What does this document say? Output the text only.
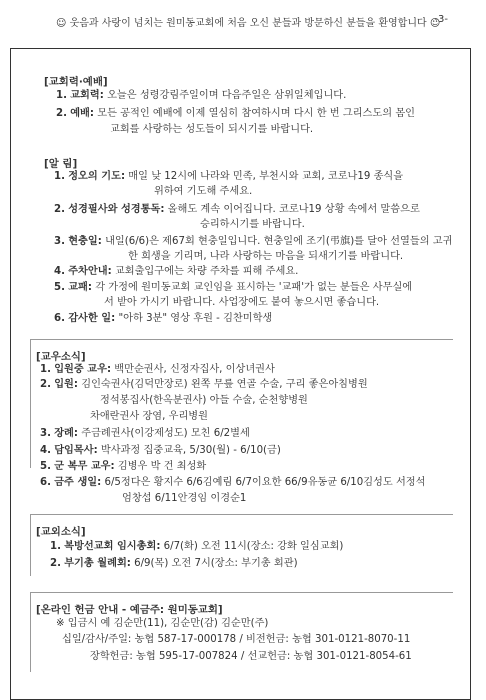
☺ 웃음과 사랑이 넘치는 원미동교회에 처음 오신 분들과 방문하신 분들을 환영합니다 ☺
-3-
[교회력·예배]
1. 교회력: 오늘은 성령강림주일이며 다음주일은 삼위일체입니다.
2. 예배: 모든 공적인 예배에 이제 열심히 참여하시며 다시 한 번 그리스도의 몸인
교회를 사랑하는 성도들이 되시기를 바랍니다.
[알 림]
1. 정오의 기도: 매일 낮 12시에 나라와 민족, 부천시와 교회, 코로나19 종식을
위하여 기도해 주세요.
2. 성경필사와 성경통독: 올해도 계속 이어집니다. 코로나19 상황 속에서 말씀으로
승리하시기를 바랍니다.
3. 현충일: 내일(6/6)은 제67회 현충일입니다. 현충일에 조기(弔旗)를 달아 선열들의 고귀
한 희생을 기리며, 나라 사랑하는 마음을 되새기기를 바랍니다.
4. 주차안내: 교회출입구에는 차량 주차를 피해 주세요.
5. 교패: 각 가정에 원미동교회 교인임을 표시하는 '교패'가 없는 분들은 사무실에
서 받아 가시기 바랍니다. 사업장에도 붙여 놓으시면 좋습니다.
6. 감사한 일: "아하 3분" 영상 후원 - 김찬미학생
[교우소식]
1. 입원중 교우: 백만순권사, 신정자집사, 이상녀권사
2. 입원: 김인숙권사(김덕만장로) 왼쪽 무릎 연골 수술, 구리 좋은아침병원
정석봉집사(한옥분권사) 아들 수술, 순천향병원
차애란권사 장염, 우리병원
3. 장례: 주금례권사(이강제성도) 모친 6/2별세
4. 담임목사: 박사과정 집중교육, 5/30(월) - 6/10(금)
5. 군 복무 교우: 김병우 박 건 최성화
6. 금주 생일: 6/5정다은 황지수 6/6김예림 6/7이요한 66/9유동균 6/10김성도 서정석
엄창섭 6/11안경임 이경순1
[교외소식]
1. 복방선교회 임시총회: 6/7(화) 오전 11시(장소: 강화 일심교회)
2. 부기총 월례회: 6/9(목) 오전 7시(장소: 부기총 회관)
[온라인 헌금 안내 - 예금주: 원미동교회]
※ 입금시 예 김순만(11), 김순만(감) 김순만(주)
십일/감사/주일: 농협 587-17-000178 / 비전헌금: 농협 301-0121-8070-11
장학헌금: 농협 595-17-007824 / 선교헌금: 농협 301-0121-8054-61
